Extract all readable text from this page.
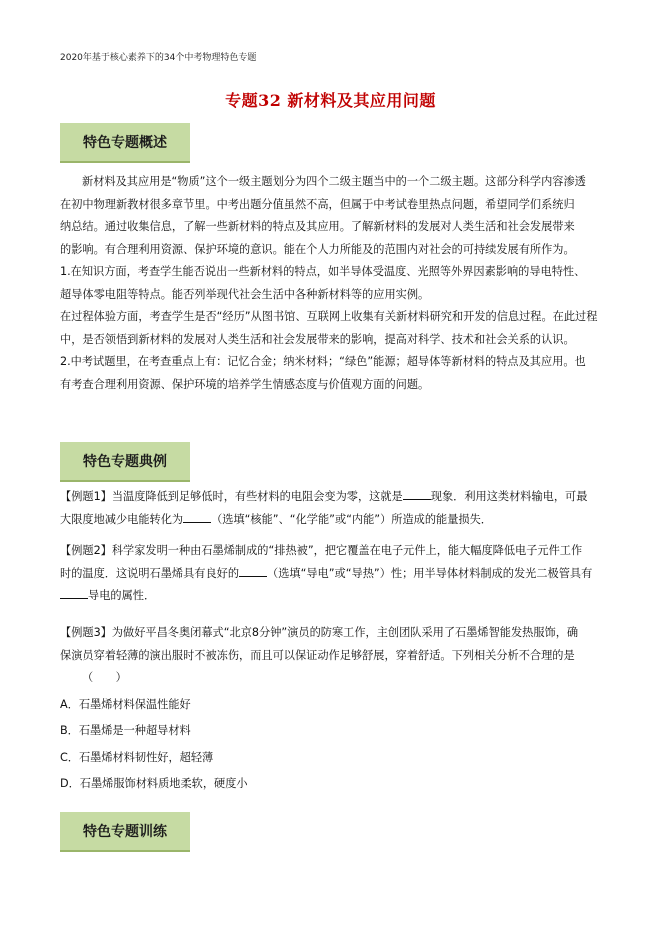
2020年基于核心素养下的34个中考物理特色专题
专题32 新材料及其应用问题
特色专题概述
新材料及其应用是“物质”这个一级主题划分为四个二级主题当中的一个二级主题。这部分科学内容渗透
在初中物理新教材很多章节里。中考出题分值虽然不高，但属于中考试卷里热点问题，希望同学们系统归
纳总结。通过收集信息，了解一些新材料的特点及其应用。了解新材料的发展对人类生活和社会发展带来
的影响。有合理利用资源、保护环境的意识。能在个人力所能及的范围内对社会的可持续发展有所作为。
1.在知识方面，考查学生能否说出一些新材料的特点，如半导体受温度、光照等外界因素影响的导电特性、
超导体零电阻等特点。能否列举现代社会生活中各种新材料等的应用实例。
在过程体验方面，考查学生是否“经历”从图书馆、互联网上收集有关新材料研究和开发的信息过程。在此过程
中，是否领悟到新材料的发展对人类生活和社会发展带来的影响，提高对科学、技术和社会关系的认识。
2.中考试题里，在考查重点上有：记忆合金；纳米材料；“绿色”能源；超导体等新材料的特点及其应用。也
有考查合理利用资源、保护环境的培养学生情感态度与价值观方面的问题。
特色专题典例
【例题1】当温度降低到足够低时，有些材料的电阻会变为零，这就是	现象．利用这类材料输电，可最
大限度地减少电能转化为	（选填“核能”、“化学能”或“内能”）所造成的能量损失．
【例题2】科学家发明一种由石墨烯制成的“排热被”，把它覆盖在电子元件上，能大幅度降低电子元件工作
时的温度．这说明石墨烯具有良好的	（选填“导电”或“导热”）性；用半导体材料制成的发光二极管具有
导电的属性．
【例题3】为做好平昌冬奥闭幕式“北京8分钟”演员的防寒工作，主创团队采用了石墨烯智能发热服饰，确
保演员穿着轻薄的演出服时不被冻伤，而且可以保证动作足够舒展，穿着舒适。下列相关分析不合理的是
（　　）
A．石墨烯材料保温性能好
B．石墨烯是一种超导材料
C．石墨烯材料韧性好，超轻薄
D．石墨烯服饰材料质地柔软，硬度小
特色专题训练
